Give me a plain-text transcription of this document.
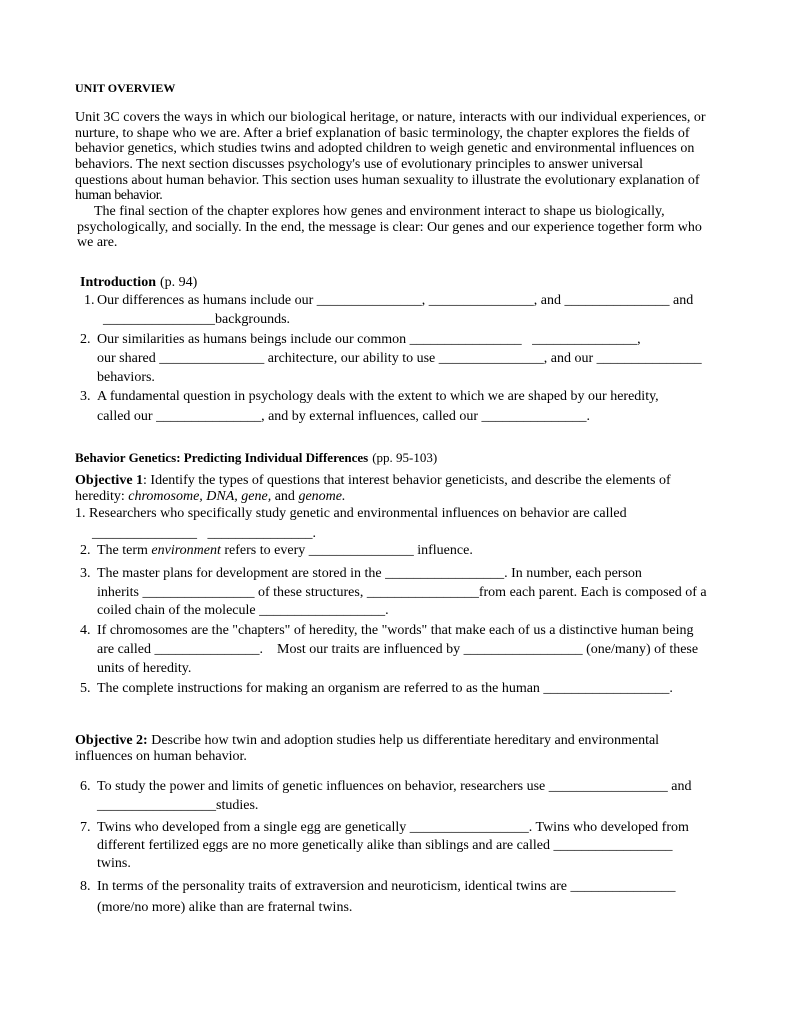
UNIT OVERVIEW
Unit 3C covers the ways in which our biological heritage, or nature, interacts with our individual experiences, or
nurture, to shape who we are. After a brief explanation of basic terminology, the chapter explores the fields of
behavior genetics, which studies twins and adopted children to weigh genetic and environmental influences on
behaviors. The next section discusses psychology's use of evolutionary principles to answer universal
questions about human behavior. This section uses human sexuality to illustrate the evolutionary explanation of
human behavior.
The final section of the chapter explores how genes and environment interact to shape us biologically,
psychologically, and socially. In the end, the message is clear: Our genes and our experience together form who
we are.
Introduction (p. 94)
1. Our differences as humans include our _______________, _______________, and _______________ and
________________backgrounds.
2. Our similarities as humans beings include our common ________________   _______________,
our shared _______________ architecture, our ability to use _______________, and our _______________
behaviors.
3. A fundamental question in psychology deals with the extent to which we are shaped by our heredity,
called our _______________, and by external influences, called our _______________.
Behavior Genetics: Predicting Individual Differences (pp. 95-103)
Objective 1: Identify the types of questions that interest behavior geneticists, and describe the elements of
heredity: chromosome, DNA, gene, and genome.
1. Researchers who specifically study genetic and environmental influences on behavior are called
_______________   _______________.
2. The term environment refers to every _______________ influence.
3. The master plans for development are stored in the _________________. In number, each person
inherits ________________ of these structures, ________________from each parent. Each is composed of a
coiled chain of the molecule __________________.
4. If chromosomes are the "chapters" of heredity, the "words" that make each of us a distinctive human being
are called _______________.    Most our traits are influenced by _________________ (one/many) of these
units of heredity.
5. The complete instructions for making an organism are referred to as the human __________________.
Objective 2: Describe how twin and adoption studies help us differentiate hereditary and environmental
influences on human behavior.
6. To study the power and limits of genetic influences on behavior, researchers use _________________ and
_________________studies.
7. Twins who developed from a single egg are genetically _________________. Twins who developed from
different fertilized eggs are no more genetically alike than siblings and are called _________________
twins.
8. In terms of the personality traits of extraversion and neuroticism, identical twins are _______________
(more/no more) alike than are fraternal twins.
